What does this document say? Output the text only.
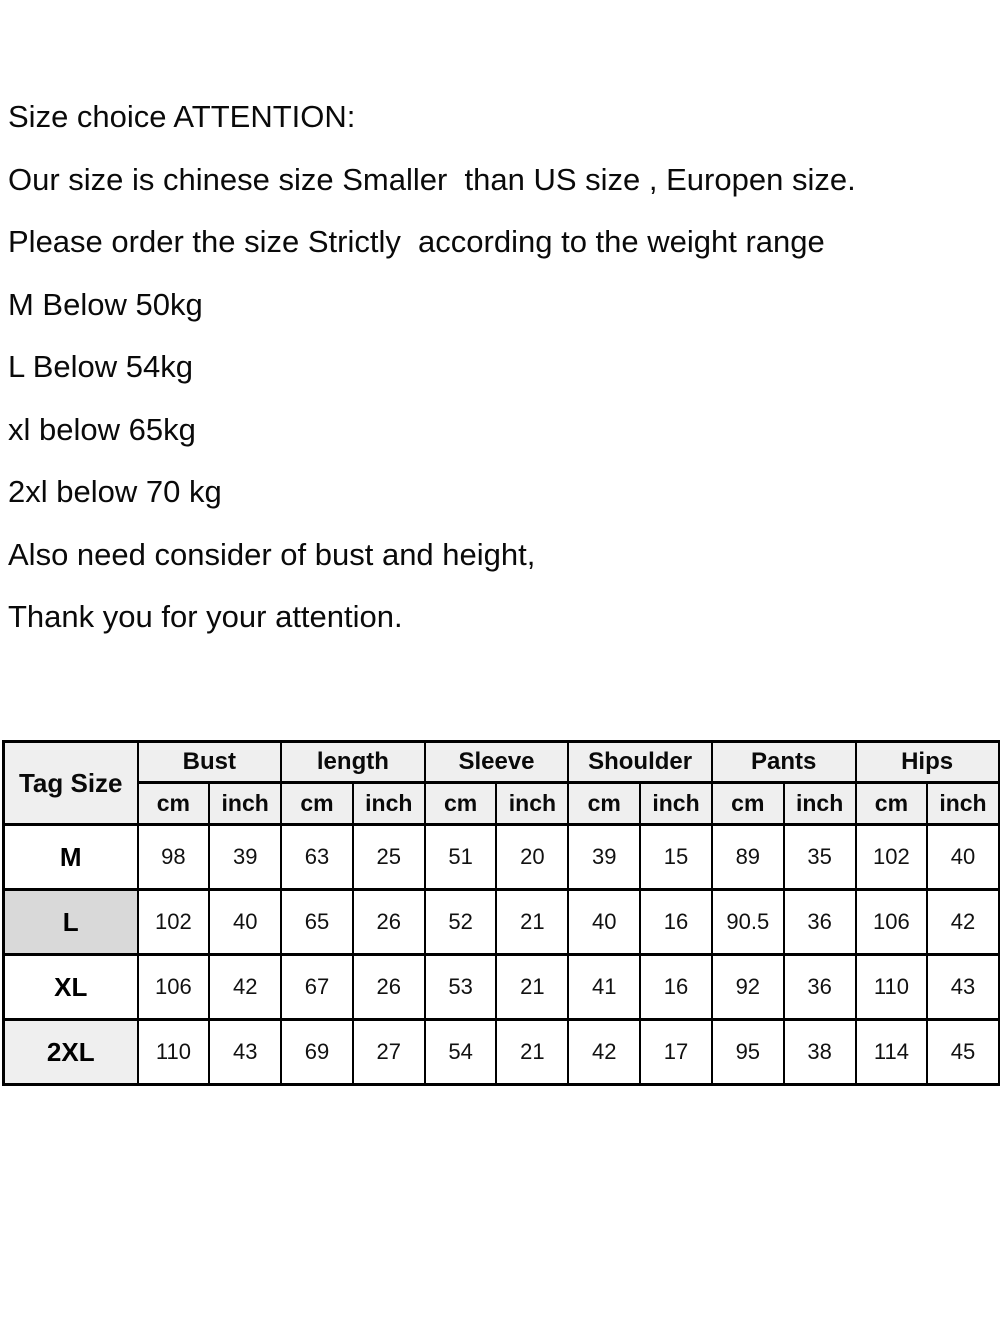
Size choice ATTENTION:

Our size is chinese size Smaller  than US size , Europen size.

Please order the size Strictly  according to the weight range

M Below 50kg

L Below 54kg

xl below 65kg

2xl below 70 kg

Also need consider of bust and height,

Thank you for your attention.

Tag Size	Bust		length		Sleeve		Shoulder		Pants		Hips	
	cm	inch	cm	inch	cm	inch	cm	inch	cm	inch	cm	inch
M	98	39	63	25	51	20	39	15	89	35	102	40
L	102	40	65	26	52	21	40	16	90.5	36	106	42
XL	106	42	67	26	53	21	41	16	92	36	110	43
2XL	110	43	69	27	54	21	42	17	95	38	114	45
